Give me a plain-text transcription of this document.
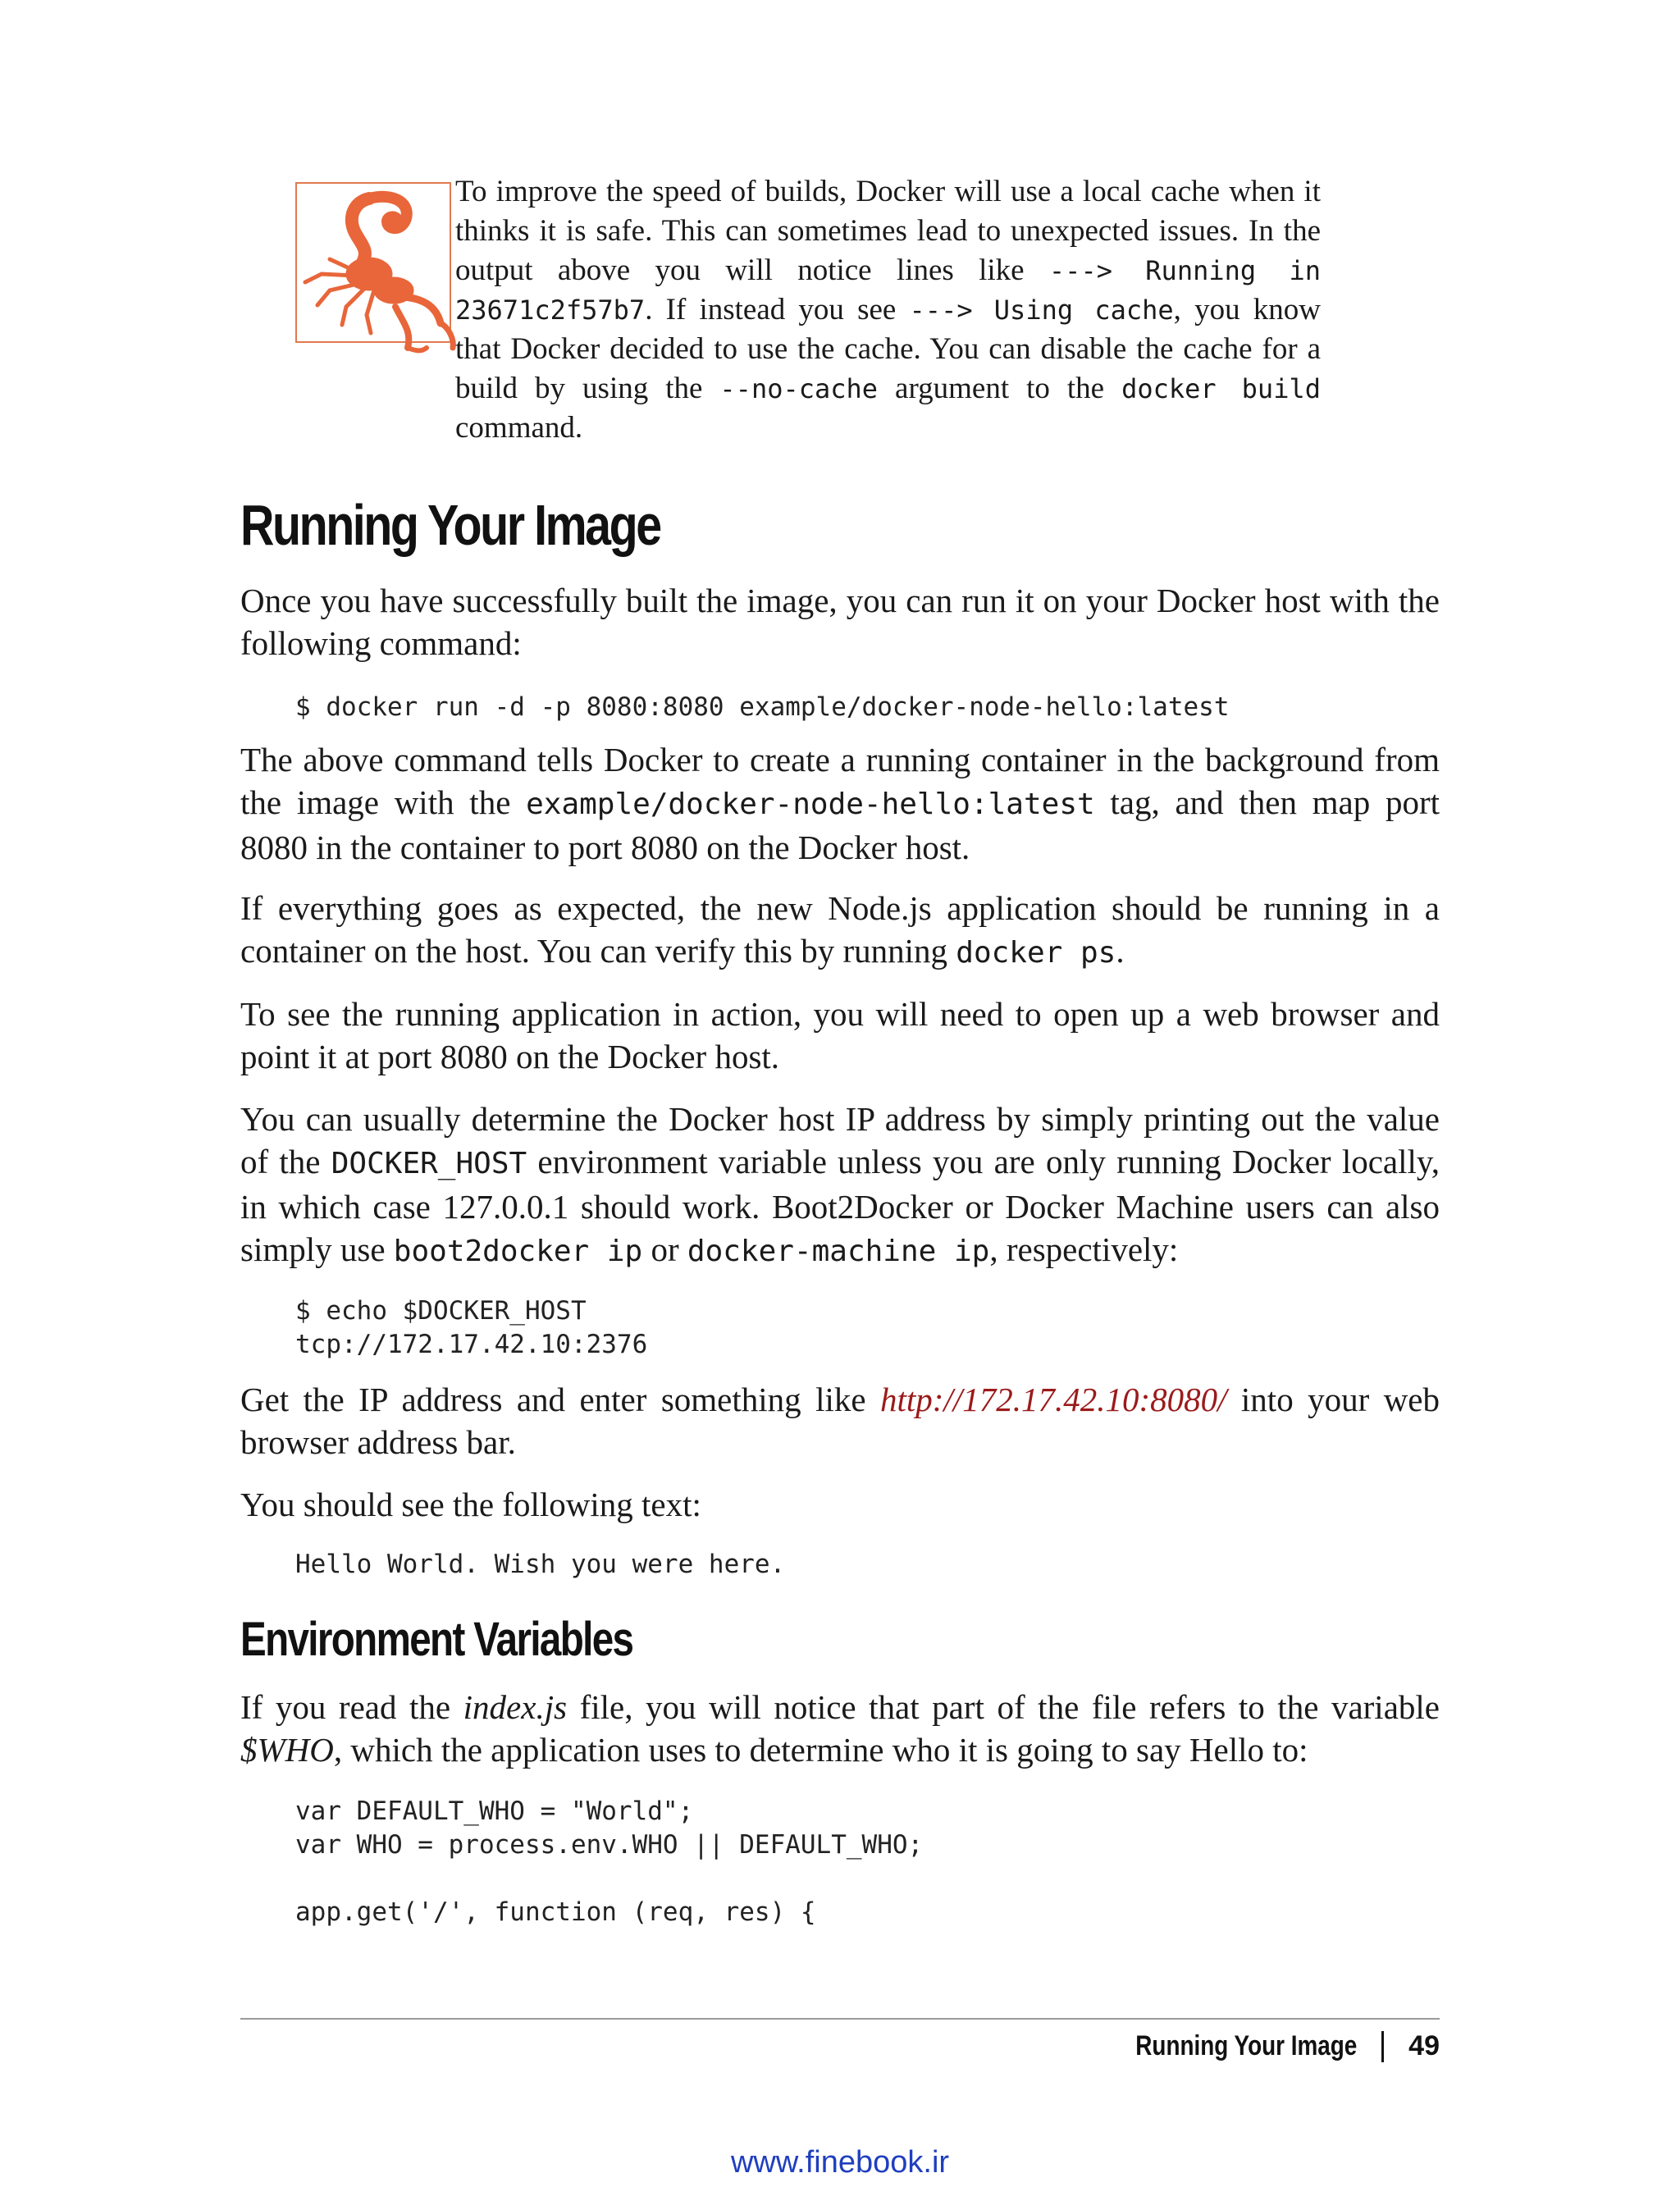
To improve the speed of builds, Docker will use a local cache when it thinks it is safe. This can sometimes lead to unexpected issues. In the output above you will notice lines like ---> Running in 23671c2f57b7. If instead you see ---> Using cache, you know that Docker decided to use the cache. You can disable the cache for a build by using the --no-cache argument to the docker build command.
Running Your Image

Once you have successfully built the image, you can run it on your Docker host with the following command:

$ docker run -d -p 8080:8080 example/docker-node-hello:latest

The above command tells Docker to create a running container in the background from the image with the example/docker-node-hello:latest tag, and then map port 8080 in the container to port 8080 on the Docker host.

If everything goes as expected, the new Node.js application should be running in a container on the host. You can verify this by running docker ps.

To see the running application in action, you will need to open up a web browser and point it at port 8080 on the Docker host.

You can usually determine the Docker host IP address by simply printing out the value of the DOCKER_HOST environment variable unless you are only running Docker locally, in which case 127.0.0.1 should work. Boot2Docker or Docker Machine users can also simply use boot2docker ip or docker-machine ip, respectively:

$ echo $DOCKER_HOST
tcp://172.17.42.10:2376

Get the IP address and enter something like http://172.17.42.10:8080/ into your web browser address bar.

You should see the following text:

Hello World. Wish you were here.
Environment Variables

If you read the index.js file, you will notice that part of the file refers to the variable $WHO, which the application uses to determine who it is going to say Hello to:

var DEFAULT_WHO = "World";
var WHO = process.env.WHO || DEFAULT_WHO;

app.get('/', function (req, res) {
Running Your Image 49
www.finebook.ir
